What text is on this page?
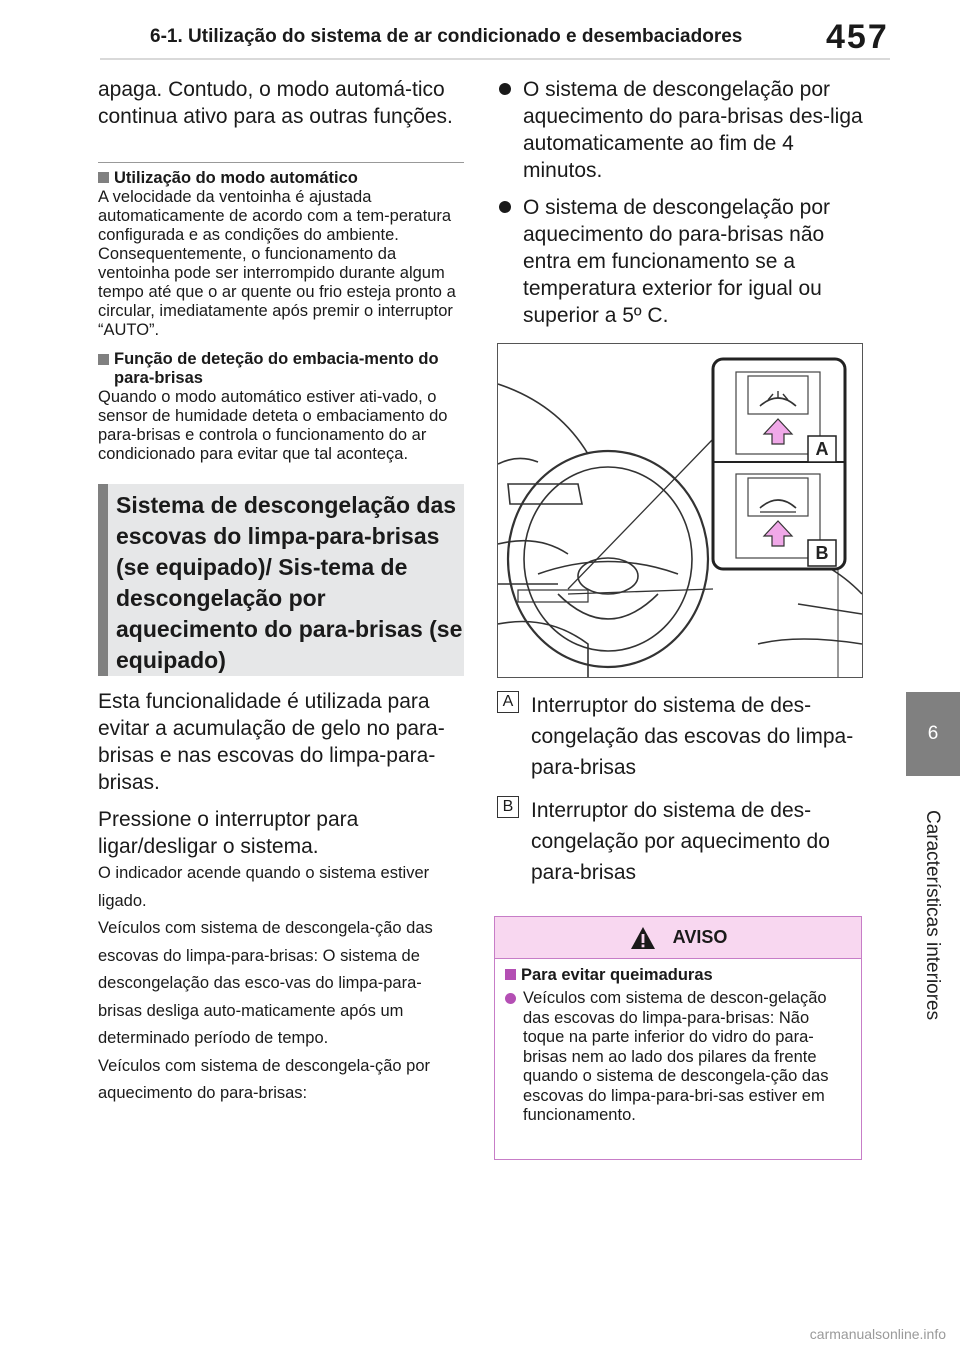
6-1. Utilização do sistema de ar condicionado e desembaciadores 457
6
Características interiores

apaga. Contudo, o modo automá-tico continua ativo para as outras funções.

Utilização do modo automático

A velocidade da ventoinha é ajustada automaticamente de acordo com a tem-peratura configurada e as condições do ambiente.

Consequentemente, o funcionamento da ventoinha pode ser interrompido durante algum tempo até que o ar quente ou frio esteja pronto a circular, imediatamente após premir o interruptor “AUTO”.

Função de deteção do embacia-mento do para-brisas

Quando o modo automático estiver ati-vado, o sensor de humidade deteta o embaciamento do para-brisas e controla o funcionamento do ar condicionado para evitar que tal aconteça.

Sistema de descongelação das escovas do limpa-para-brisas (se equipado)/ Sis-tema de descongelação por aquecimento do para-brisas (se equipado)

Esta funcionalidade é utilizada para evitar a acumulação de gelo no para-brisas e nas escovas do limpa-para-brisas.

Pressione o interruptor para ligar/desligar o sistema.

O indicador acende quando o sistema estiver ligado.

Veículos com sistema de descongela-ção das escovas do limpa-para-brisas: O sistema de descongelação das esco-vas do limpa-para-brisas desliga auto-maticamente após um determinado período de tempo.

Veículos com sistema de descongela-ção por aquecimento do para-brisas:

O sistema de descongelação por aquecimento do para-brisas des-liga automaticamente ao fim de 4 minutos.
O sistema de descongelação por aquecimento do para-brisas não entra em funcionamento se a temperatura exterior for igual ou superior a 5º C.
A
B
A Interruptor do sistema de des-congelação das escovas do limpa-para-brisas
B Interruptor do sistema de des-congelação por aquecimento do para-brisas
AVISO
Para evitar queimaduras
Veículos com sistema de descon-gelação das escovas do limpa-para-brisas: Não toque na parte inferior do vidro do para-brisas nem ao lado dos pilares da frente quando o sistema de descongela-ção das escovas do limpa-para-bri-sas estiver em funcionamento.
carmanualsonline.info
